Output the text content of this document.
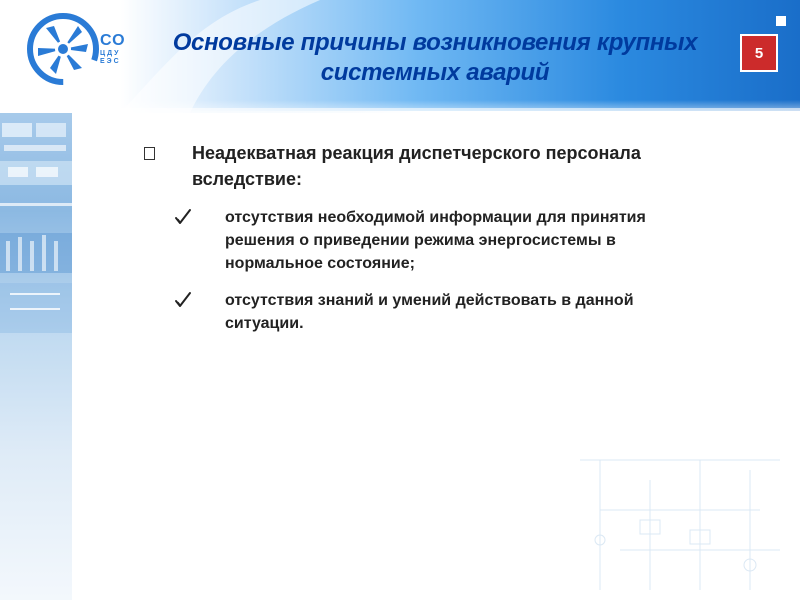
СО
ЦДУ
ЕЭС
Основные причины возникновения крупных
системных аварий
5
Неадекватная реакция диспетчерского персонала
вследствие:
отсутствия необходимой информации для принятия
решения о приведении режима энергосистемы в
нормальное состояние;
отсутствия знаний и умений действовать в данной
ситуации.
